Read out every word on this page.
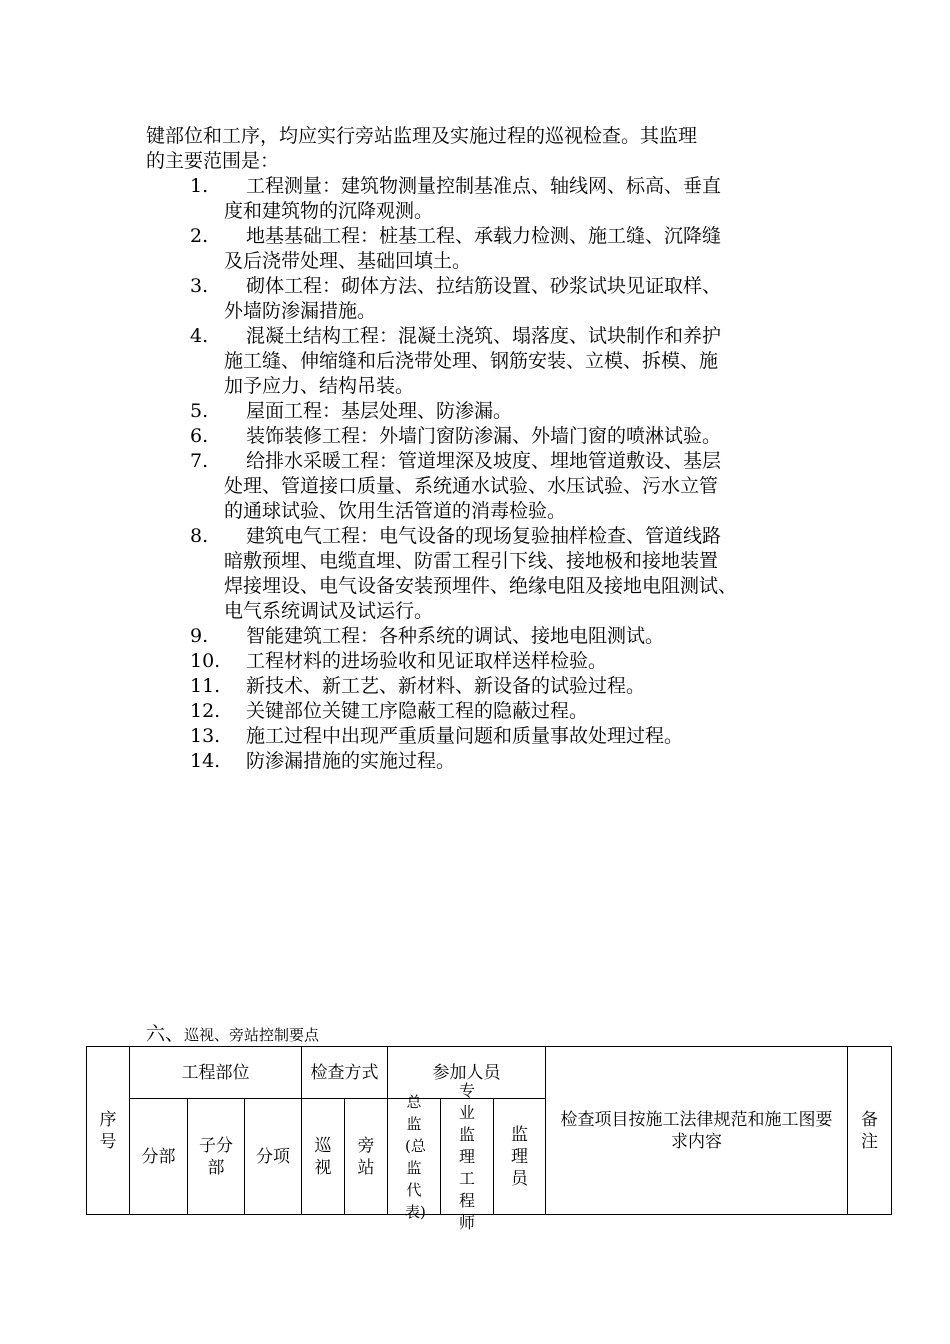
键部位和工序，均应实行旁站监理及实施过程的巡视检查。其监理
的主要范围是：
1.	工程测量：建筑物测量控制基准点、轴线网、标高、垂直
度和建筑物的沉降观测。
2.	地基基础工程：桩基工程、承载力检测、施工缝、沉降缝
及后浇带处理、基础回填土。
3.	砌体工程：砌体方法、拉结筋设置、砂浆试块见证取样、
外墙防渗漏措施。
4.	混凝土结构工程：混凝土浇筑、塌落度、试块制作和养护
施工缝、伸缩缝和后浇带处理、钢筋安装、立模、拆模、施
加予应力、结构吊装。
5.	屋面工程：基层处理、防渗漏。
6.	装饰装修工程：外墙门窗防渗漏、外墙门窗的喷淋试验。
7.	给排水采暖工程：管道埋深及坡度、埋地管道敷设、基层
处理、管道接口质量、系统通水试验、水压试验、污水立管
的通球试验、饮用生活管道的消毒检验。
8.	建筑电气工程：电气设备的现场复验抽样检查、管道线路
暗敷预埋、电缆直埋、防雷工程引下线、接地极和接地装置
焊接埋设、电气设备安装预埋件、绝缘电阻及接地电阻测试、
电气系统调试及试运行。
9.	智能建筑工程：各种系统的调试、接地电阻测试。
10.	工程材料的进场验收和见证取样送样检验。
11.	新技术、新工艺、新材料、新设备的试验过程。
12.	关键部位关键工序隐蔽工程的隐蔽过程。
13.	施工过程中出现严重质量问题和质量事故处理过程。
14.	防渗漏措施的实施过程。
六、巡视、旁站控制要点
序号	工程部位			检查方式		参加人员			检查项目按施工法律规范和施工图要求内容	备注
	分部	子分部	分项	巡视	旁站	总监(总监代表)	专业监理工程师	监理员		
